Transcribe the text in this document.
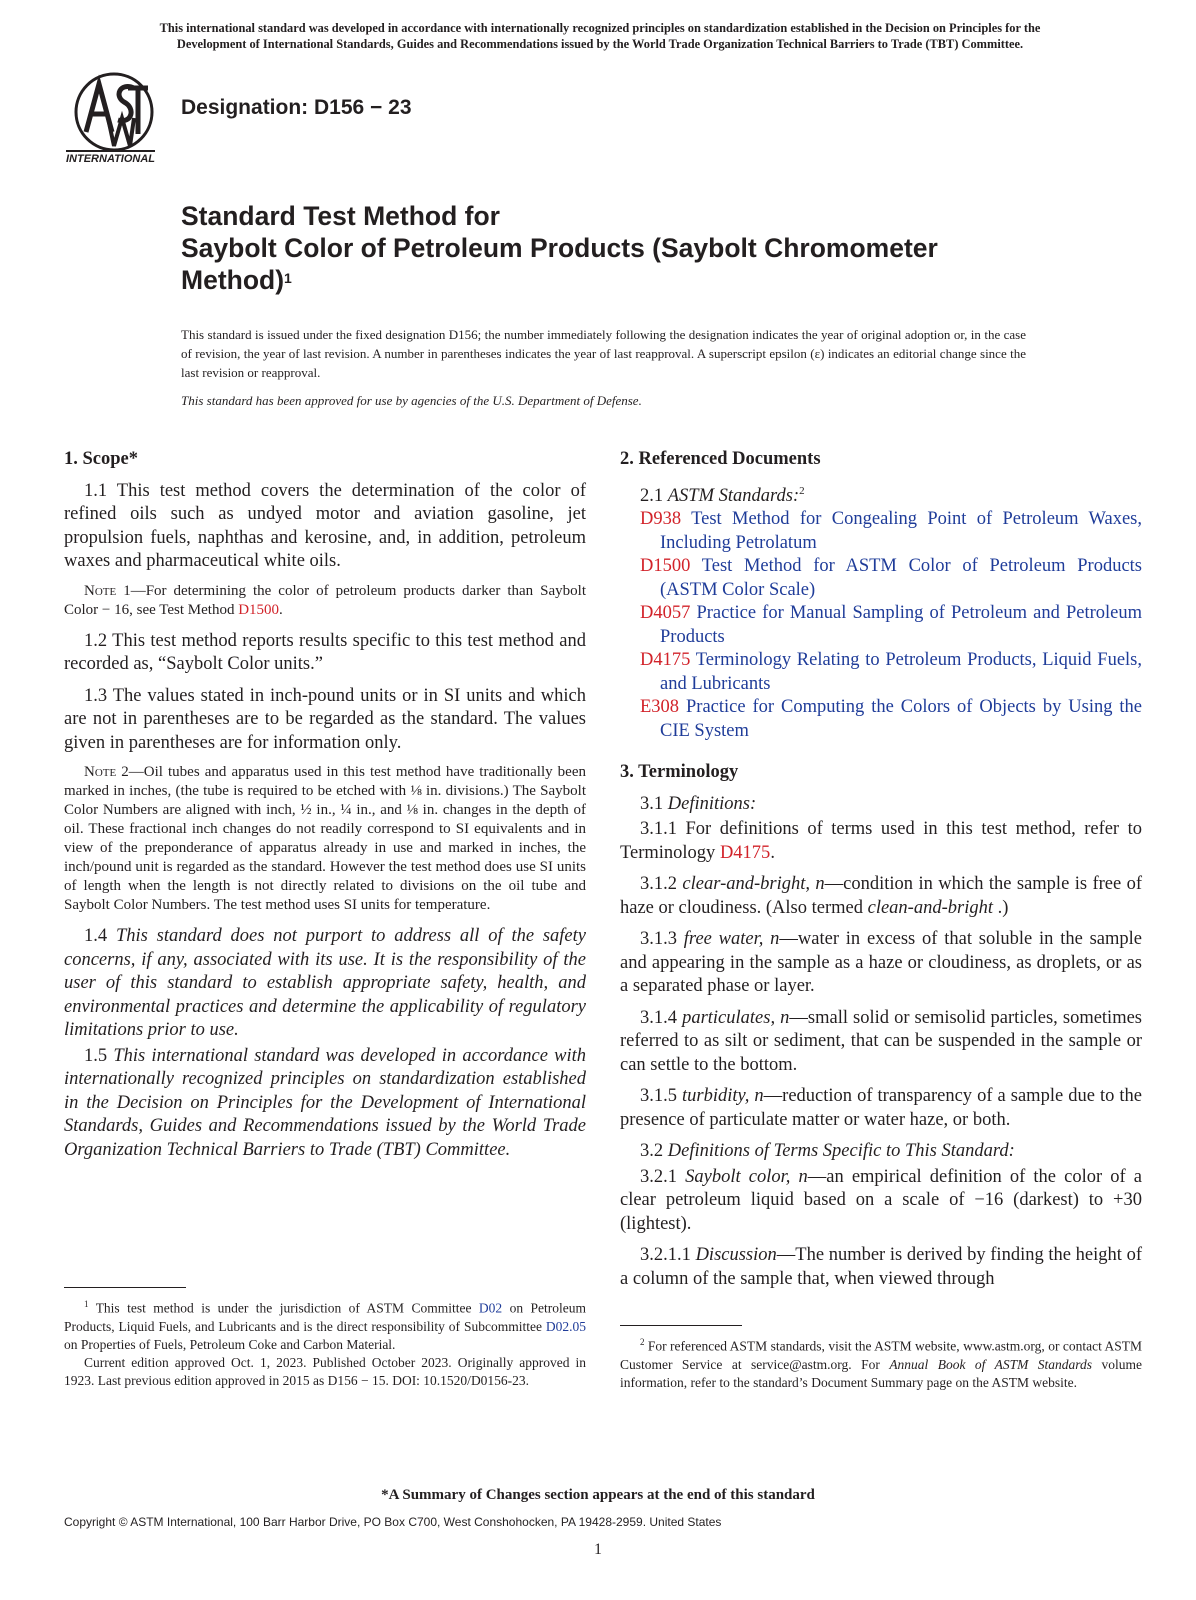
This international standard was developed in accordance with internationally recognized principles on standardization established in the Decision on Principles for the
Development of International Standards, Guides and Recommendations issued by the World Trade Organization Technical Barriers to Trade (TBT) Committee.
INTERNATIONAL
Designation: D156 − 23
Standard Test Method for
Saybolt Color of Petroleum Products (Saybolt Chromometer
Method)$^1$
This standard is issued under the fixed designation D156; the number immediately following the designation indicates the year of original adoption or, in the case of revision, the year of last revision. A number in parentheses indicates the year of last reapproval. A superscript epsilon (ε) indicates an editorial change since the last revision or reapproval.
This standard has been approved for use by agencies of the U.S. Department of Defense.
1. Scope*

1.1 This test method covers the determination of the color of refined oils such as undyed motor and aviation gasoline, jet propulsion fuels, naphthas and kerosine, and, in addition, petroleum waxes and pharmaceutical white oils.

Note 1—For determining the color of petroleum products darker than Saybolt Color − 16, see Test Method D1500.

1.2 This test method reports results specific to this test method and recorded as, “Saybolt Color units.”

1.3 The values stated in inch-pound units or in SI units and which are not in parentheses are to be regarded as the standard. The values given in parentheses are for information only.

Note 2—Oil tubes and apparatus used in this test method have traditionally been marked in inches, (the tube is required to be etched with ⅛ in. divisions.) The Saybolt Color Numbers are aligned with inch, ½ in., ¼ in., and ⅛ in. changes in the depth of oil. These fractional inch changes do not readily correspond to SI equivalents and in view of the preponderance of apparatus already in use and marked in inches, the inch/pound unit is regarded as the standard. However the test method does use SI units of length when the length is not directly related to divisions on the oil tube and Saybolt Color Numbers. The test method uses SI units for temperature.

1.4 This standard does not purport to address all of the safety concerns, if any, associated with its use. It is the responsibility of the user of this standard to establish appropriate safety, health, and environmental practices and determine the applicability of regulatory limitations prior to use.

1.5 This international standard was developed in accordance with internationally recognized principles on standardization established in the Decision on Principles for the Development of International Standards, Guides and Recommendations issued by the World Trade Organization Technical Barriers to Trade (TBT) Committee.

$^1$ This test method is under the jurisdiction of ASTM Committee D02 on Petroleum Products, Liquid Fuels, and Lubricants and is the direct responsibility of Subcommittee D02.05 on Properties of Fuels, Petroleum Coke and Carbon Material.
Current edition approved Oct. 1, 2023. Published October 2023. Originally approved in 1923. Last previous edition approved in 2015 as D156 − 15. DOI: 10.1520/D0156-23.
2. Referenced Documents

2.1 ASTM Standards:$^2$

D938 Test Method for Congealing Point of Petroleum Waxes, Including Petrolatum

D1500 Test Method for ASTM Color of Petroleum Products (ASTM Color Scale)

D4057 Practice for Manual Sampling of Petroleum and Petroleum Products

D4175 Terminology Relating to Petroleum Products, Liquid Fuels, and Lubricants

E308 Practice for Computing the Colors of Objects by Using the CIE System

3. Terminology

3.1 Definitions:

3.1.1 For definitions of terms used in this test method, refer to Terminology D4175.

3.1.2 clear-and-bright, n—condition in which the sample is free of haze or cloudiness. (Also termed clean-and-bright .)

3.1.3 free water, n—water in excess of that soluble in the sample and appearing in the sample as a haze or cloudiness, as droplets, or as a separated phase or layer.

3.1.4 particulates, n—small solid or semisolid particles, sometimes referred to as silt or sediment, that can be suspended in the sample or can settle to the bottom.

3.1.5 turbidity, n—reduction of transparency of a sample due to the presence of particulate matter or water haze, or both.

3.2 Definitions of Terms Specific to This Standard:

3.2.1 Saybolt color, n—an empirical definition of the color of a clear petroleum liquid based on a scale of −16 (darkest) to +30 (lightest).

3.2.1.1 Discussion—The number is derived by finding the height of a column of the sample that, when viewed through

$^2$ For referenced ASTM standards, visit the ASTM website, www.astm.org, or contact ASTM Customer Service at service@astm.org. For Annual Book of ASTM Standards volume information, refer to the standard’s Document Summary page on the ASTM website.
*A Summary of Changes section appears at the end of this standard
Copyright © ASTM International, 100 Barr Harbor Drive, PO Box C700, West Conshohocken, PA 19428-2959. United States
1
